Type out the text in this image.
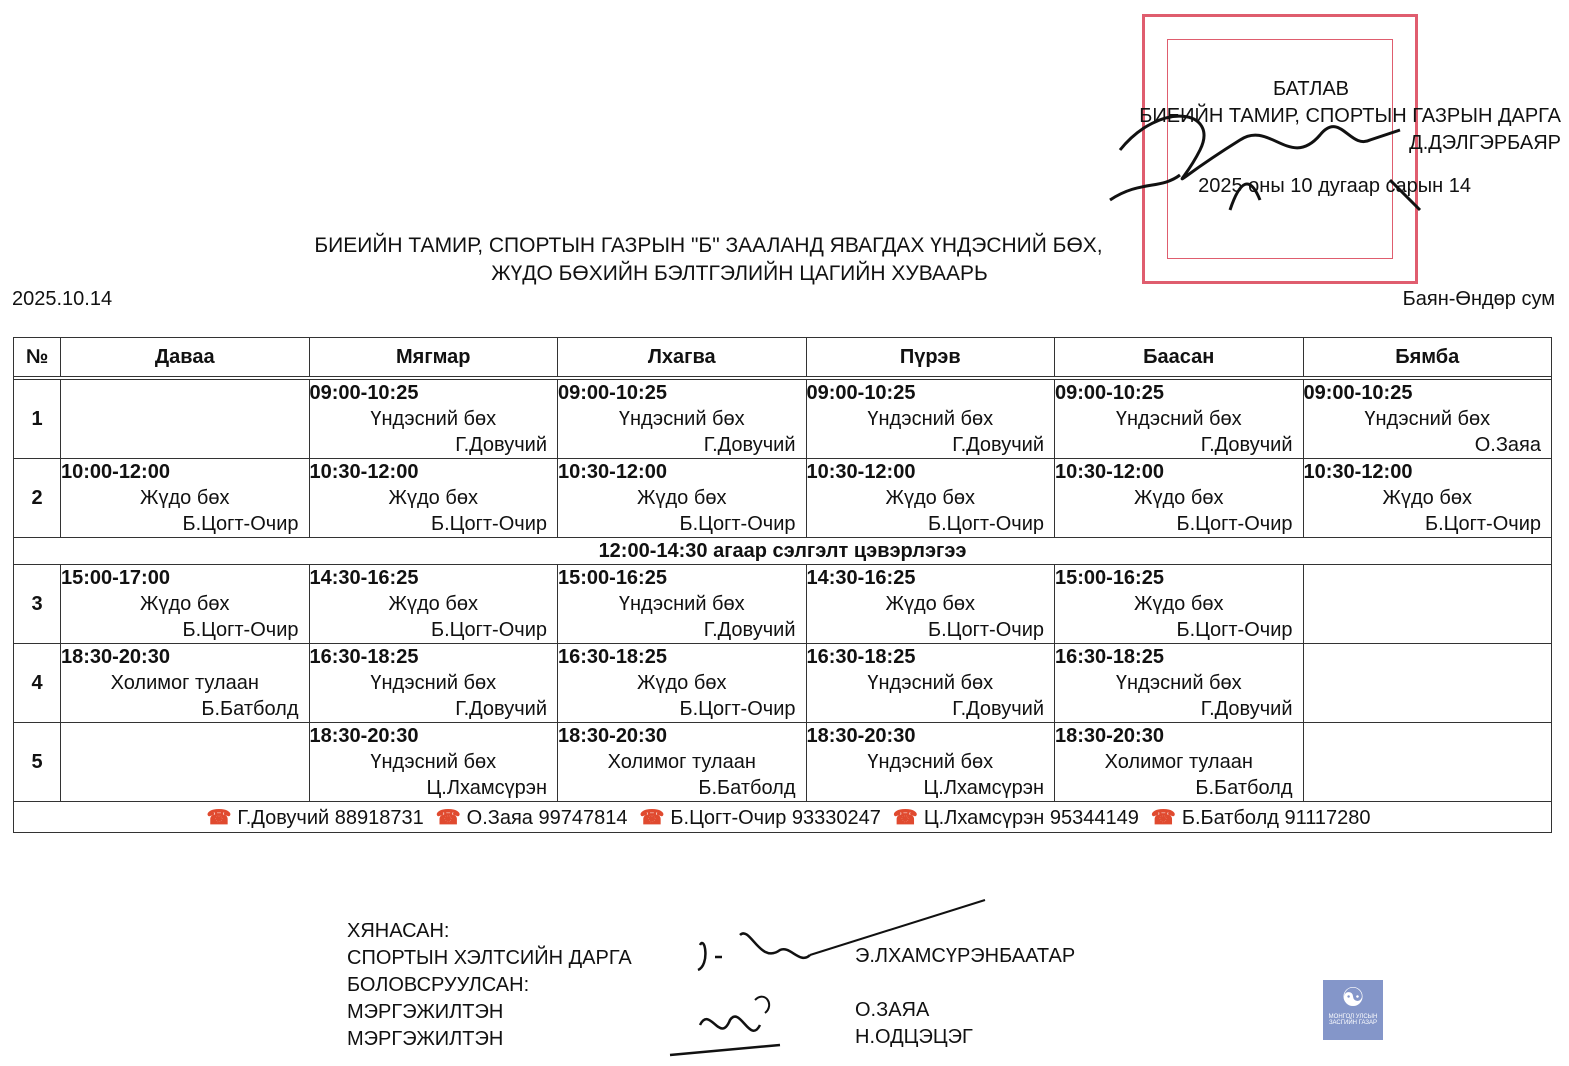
БАТЛАВ
БИЕИЙН ТАМИР, СПОРТЫН ГАЗРЫН ДАРГА
Д.ДЭЛГЭРБАЯР
2025 оны 10 дугаар сарын 14
БИЕИЙН ТАМИР, СПОРТЫН ГАЗРЫН "Б" ЗААЛАНД ЯВАГДАХ ҮНДЭСНИЙ БӨХ,
ЖҮДО БӨХИЙН БЭЛТГЭЛИЙН ЦАГИЙН ХУВААРЬ
2025.10.14	Баян-Өндөр сум
№	Даваа	Мягмар	Лхагва	Пүрэв	Баасан	Бямба

1		09:00-10:25
Үндэсний бөх
Г.Довучий	09:00-10:25
Үндэсний бөх
Г.Довучий	09:00-10:25
Үндэсний бөх
Г.Довучий	09:00-10:25
Үндэсний бөх
Г.Довучий	09:00-10:25
Үндэсний бөх
О.Заяа

2	10:00-12:00
Жүдо бөх
Б.Цогт-Очир	10:30-12:00
Жүдо бөх
Б.Цогт-Очир	10:30-12:00
Жүдо бөх
Б.Цогт-Очир	10:30-12:00
Жүдо бөх
Б.Цогт-Очир	10:30-12:00
Жүдо бөх
Б.Цогт-Очир	10:30-12:00
Жүдо бөх
Б.Цогт-Очир

12:00-14:30 агаар сэлгэлт цэвэрлэгээ						
3	15:00-17:00
Жүдо бөх
Б.Цогт-Очир	14:30-16:25
Жүдо бөх
Б.Цогт-Очир	15:00-16:25
Үндэсний бөх
Г.Довучий	14:30-16:25
Жүдо бөх
Б.Цогт-Очир	15:00-16:25
Жүдо бөх
Б.Цогт-Очир	

4	18:30-20:30
Холимог тулаан
Б.Батболд	16:30-18:25
Үндэсний бөх
Г.Довучий	16:30-18:25
Жүдо бөх
Б.Цогт-Очир	16:30-18:25
Үндэсний бөх
Г.Довучий	16:30-18:25
Үндэсний бөх
Г.Довучий	

5		18:30-20:30
Үндэсний бөх
Ц.Лхамсүрэн	18:30-20:30
Холимог тулаан
Б.Батболд	18:30-20:30
Үндэсний бөх
Ц.Лхамсүрэн	18:30-20:30
Холимог тулаан
Б.Батболд	

☎ Г.Довучий 88918731 ☎ О.Заяа 99747814 ☎ Б.Цогт-Очир 93330247 ☎ Ц.Лхамсүрэн 95344149 ☎ Б.Батболд 91117280						
ХЯНАСАН:
СПОРТЫН ХЭЛТСИЙН ДАРГА
БОЛОВСРУУЛСАН:
МЭРГЭЖИЛТЭН
МЭРГЭЖИЛТЭН
Э.ЛХАМСҮРЭНБААТАР
О.ЗАЯА
Н.ОДЦЭЦЭГ
☯
МОНГОЛ УЛСЫН ЗАСГИЙН ГАЗАР
